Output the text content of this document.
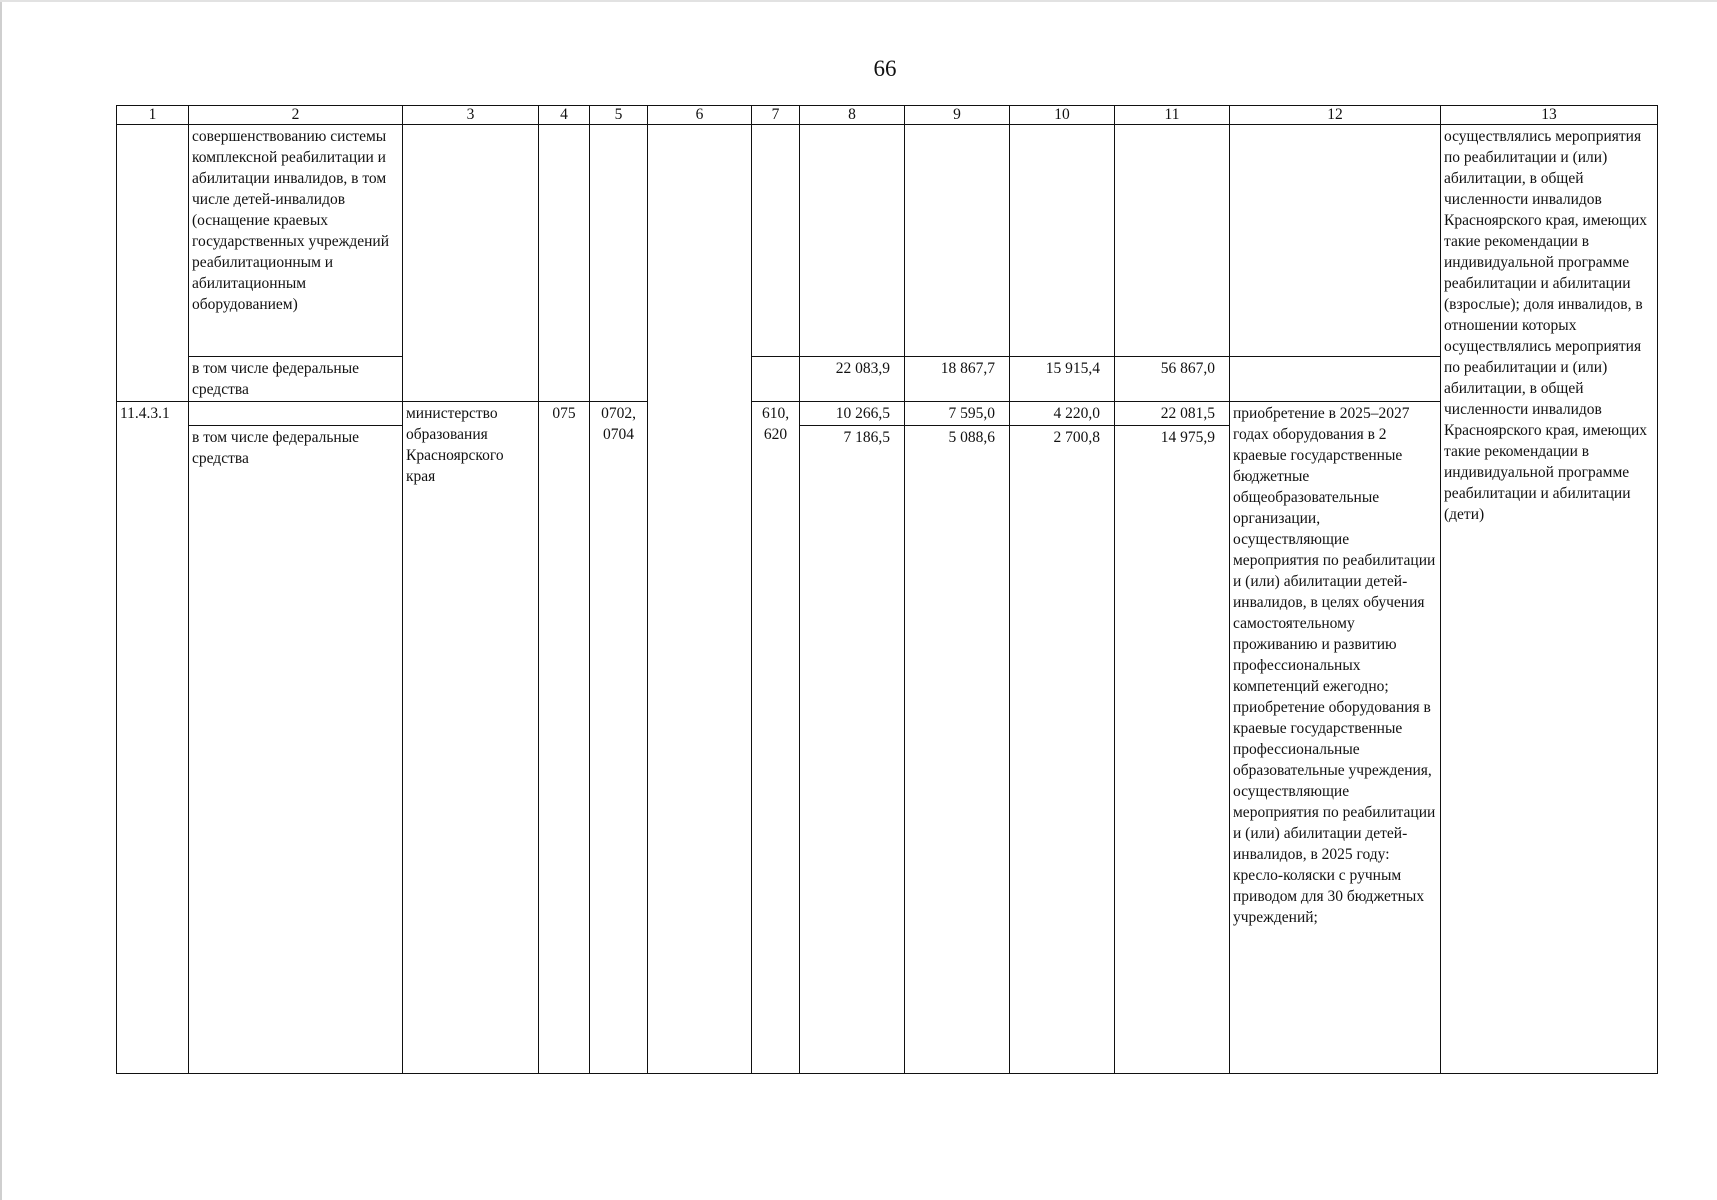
66
1	2	3	4	5	6	7	8	9	10	11	12	13
	совершенствованию системы комплексной реабилитации и абилитации инвалидов, в том числе детей-инвалидов (оснащение краевых государственных учреждений реабилитационным и абилитационным оборудованием)											осуществлялись мероприятия по реабилитации и (или) абилитации, в общей численности инвалидов Красноярского края, имеющих такие рекомендации в индивидуальной программе реабилитации и абилитации (взрослые); доля инвалидов, в отношении которых осуществлялись мероприятия по реабилитации и (или) абилитации, в общей численности инвалидов Красноярского края, имеющих такие рекомендации в индивидуальной программе реабилитации и абилитации (дети)
	в том числе федеральные средства						22 083,9	18 867,7	15 915,4	56 867,0		
11.4.3.1		министерство образования Красноярского края	075	0702, 0704		610, 620	10 266,5	7 595,0	4 220,0	22 081,5	приобретение в 2025–2027 годах оборудования в 2 краевые государственные бюджетные общеобразовательные организации, осуществляющие мероприятия по реабилитации и (или) абилитации детей-инвалидов, в целях обучения самостоятельному проживанию и развитию профессиональных компетенций ежегодно; приобретение оборудования в краевые государственные профессиональные образовательные учреждения, осуществляющие мероприятия по реабилитации и (или) абилитации детей-инвалидов, в 2025 году: кресло-коляски с ручным приводом для 30 бюджетных учреждений;	
	в том числе федеральные средства						7 186,5	5 088,6	2 700,8	14 975,9		
